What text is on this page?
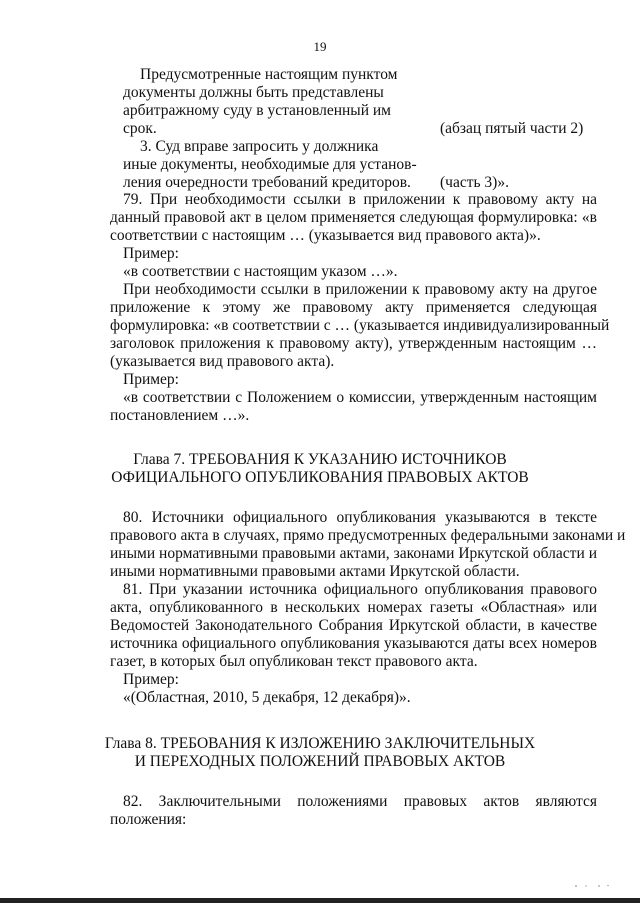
19
Предусмотренные настоящим пунктом
документы должны быть представлены
арбитражному суду в установленный им
срок.	(абзац пятый части 2)
3. Суд вправе запросить у должника
иные документы, необходимые для установ-
ления очередности требований кредиторов. (часть 3)».
79. При необходимости ссылки в приложении к правовому акту на
данный правовой акт в целом применяется следующая формулировка: «в
соответствии с настоящим … (указывается вид правового акта)».
Пример:
«в соответствии с настоящим указом …».
При необходимости ссылки в приложении к правовому акту на другое
приложение к этому же правовому акту применяется следующая
формулировка: «в соответствии с … (указывается индивидуализированный
заголовок приложения к правовому акту), утвержденным настоящим …
(указывается вид правового акта).
Пример:
«в соответствии с Положением о комиссии, утвержденным настоящим
постановлением …».
Глава 7. ТРЕБОВАНИЯ К УКАЗАНИЮ ИСТОЧНИКОВ
ОФИЦИАЛЬНОГО ОПУБЛИКОВАНИЯ ПРАВОВЫХ АКТОВ
80. Источники официального опубликования указываются в тексте
правового акта в случаях, прямо предусмотренных федеральными законами и
иными нормативными правовыми актами, законами Иркутской области и
иными нормативными правовыми актами Иркутской области.
81. При указании источника официального опубликования правового
акта, опубликованного в нескольких номерах газеты «Областная» или
Ведомостей Законодательного Собрания Иркутской области, в качестве
источника официального опубликования указываются даты всех номеров
газет, в которых был опубликован текст правового акта.
Пример:
«(Областная, 2010, 5 декабря, 12 декабря)».
Глава 8. ТРЕБОВАНИЯ К ИЗЛОЖЕНИЮ ЗАКЛЮЧИТЕЛЬНЫХ
И ПЕРЕХОДНЫХ ПОЛОЖЕНИЙ ПРАВОВЫХ АКТОВ
82. Заключительными положениями правовых актов являются
положения:
